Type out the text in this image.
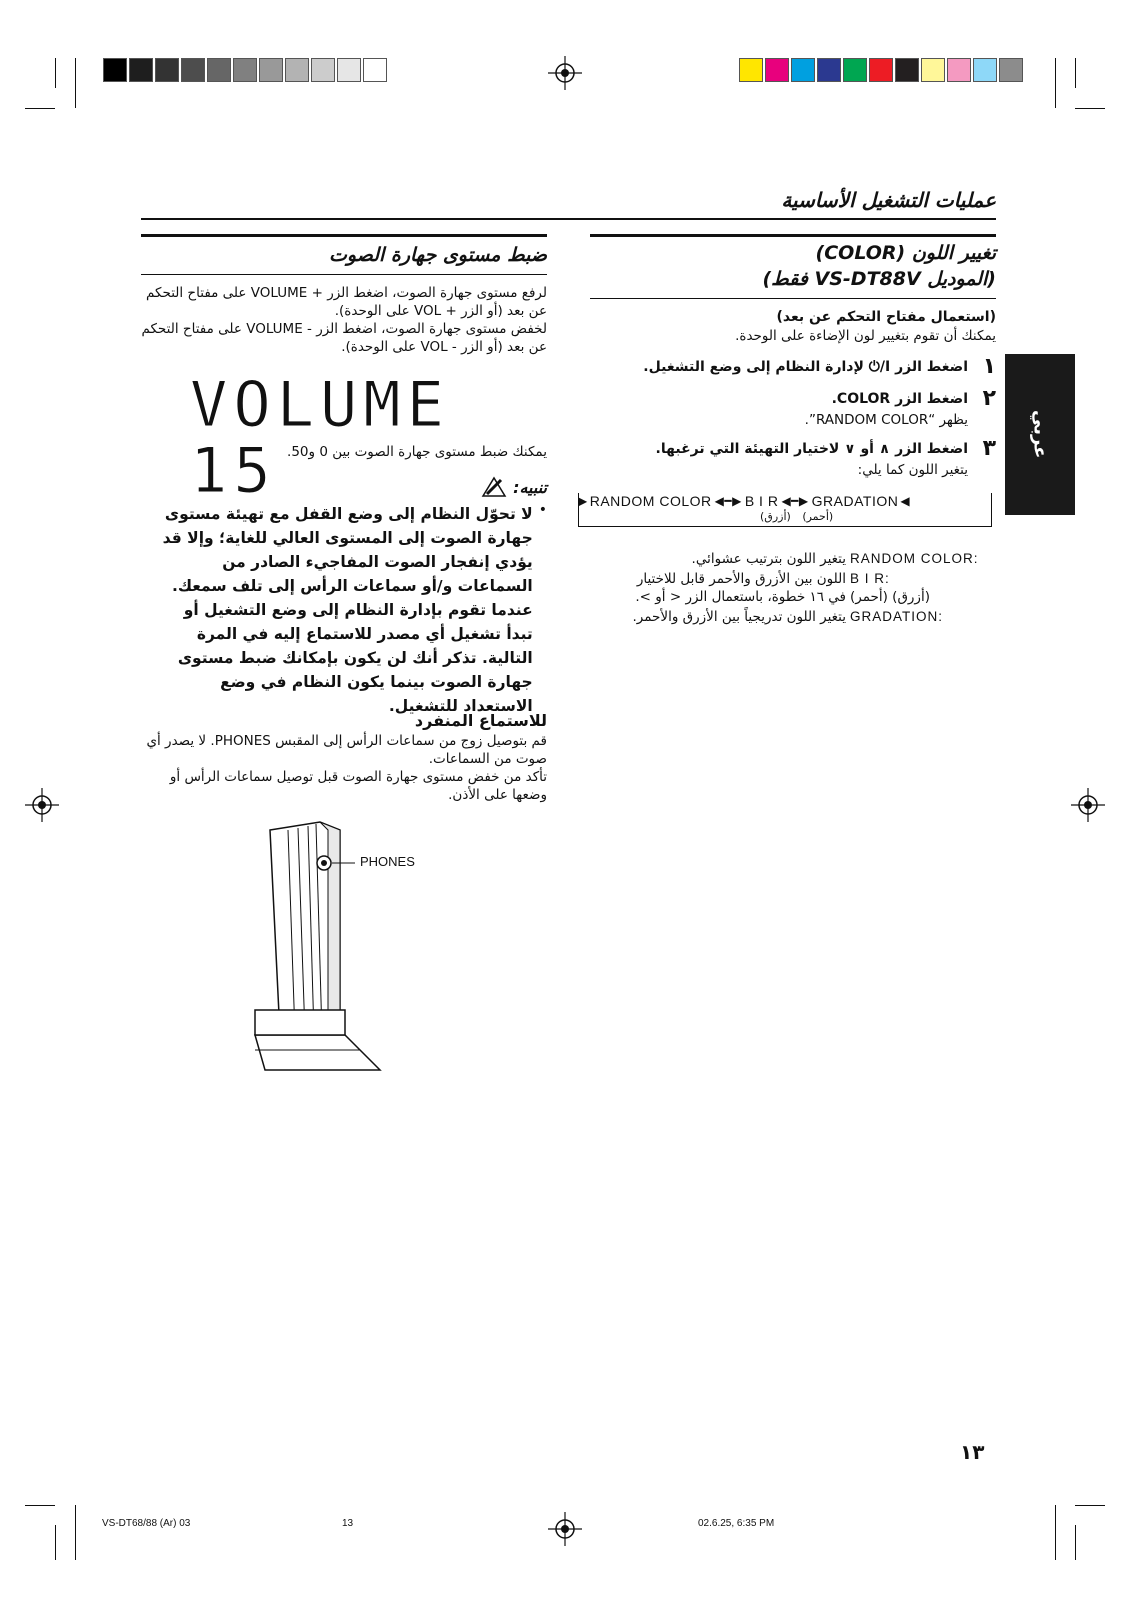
عمليات التشغيل الأساسية
عربي
تغيير اللون (COLOR)
(الموديل VS-DT88V فقط)
(استعمال مفتاح التحكم عن بعد)
يمكنك أن تقوم بتغيير لون الإضاءة على الوحدة.
١
اضغط الزر I/⏻ لإدارة النظام إلى وضع التشغيل.
٢
اضغط الزر COLOR.
يظهر “RANDOM COLOR”.
٣
اضغط الزر ∧ أو ∨ لاختيار التهيئة التي ترغبها.
يتغير اللون كما يلي:
▶ RANDOM COLOR ◀━▶ B I R ◀━▶ GRADATION ◀
(أحمر) (أزرق)
RANDOM COLOR:
يتغير اللون بترتيب عشوائي.
B I R:
(أزرق) (أحمر)
اللون بين الأزرق والأحمر قابل للاختيار في ١٦ خطوة، باستعمال الزر < أو >.
GRADATION:
يتغير اللون تدريجياً بين الأزرق والأحمر.
ضبط مستوى جهارة الصوت
لرفع مستوى جهارة الصوت، اضغط الزر + VOLUME على مفتاح التحكم عن بعد (أو الزر + VOL على الوحدة).
لخفض مستوى جهارة الصوت، اضغط الزر - VOLUME على مفتاح التحكم عن بعد (أو الزر - VOL على الوحدة).
VOLUME 15 يمكنك ضبط مستوى جهارة الصوت بين 0 و50.
تنبيه:
•
لا تحوّل النظام إلى وضع القفل مع تهيئة مستوى جهارة الصوت إلى المستوى العالي للغاية؛ وإلا قد يؤدي إنفجار الصوت المفاجيء الصادر من السماعات و/أو سماعات الرأس إلى تلف سمعك. عندما تقوم بإدارة النظام إلى وضع التشغيل أو تبدأ تشغيل أي مصدر للاستماع إليه في المرة التالية. تذكر أنك لن يكون بإمكانك ضبط مستوى جهارة الصوت بينما يكون النظام في وضع الاستعداد للتشغيل.
للاستماع المنفرد
قم بتوصيل زوج من سماعات الرأس إلى المقبس PHONES. لا يصدر أي صوت من السماعات.
تأكد من خفض مستوى جهارة الصوت قبل توصيل سماعات الرأس أو وضعها على الأذن.
PHONES
١٣
VS-DT68/88 (Ar) 03	13	02.6.25, 6:35 PM
